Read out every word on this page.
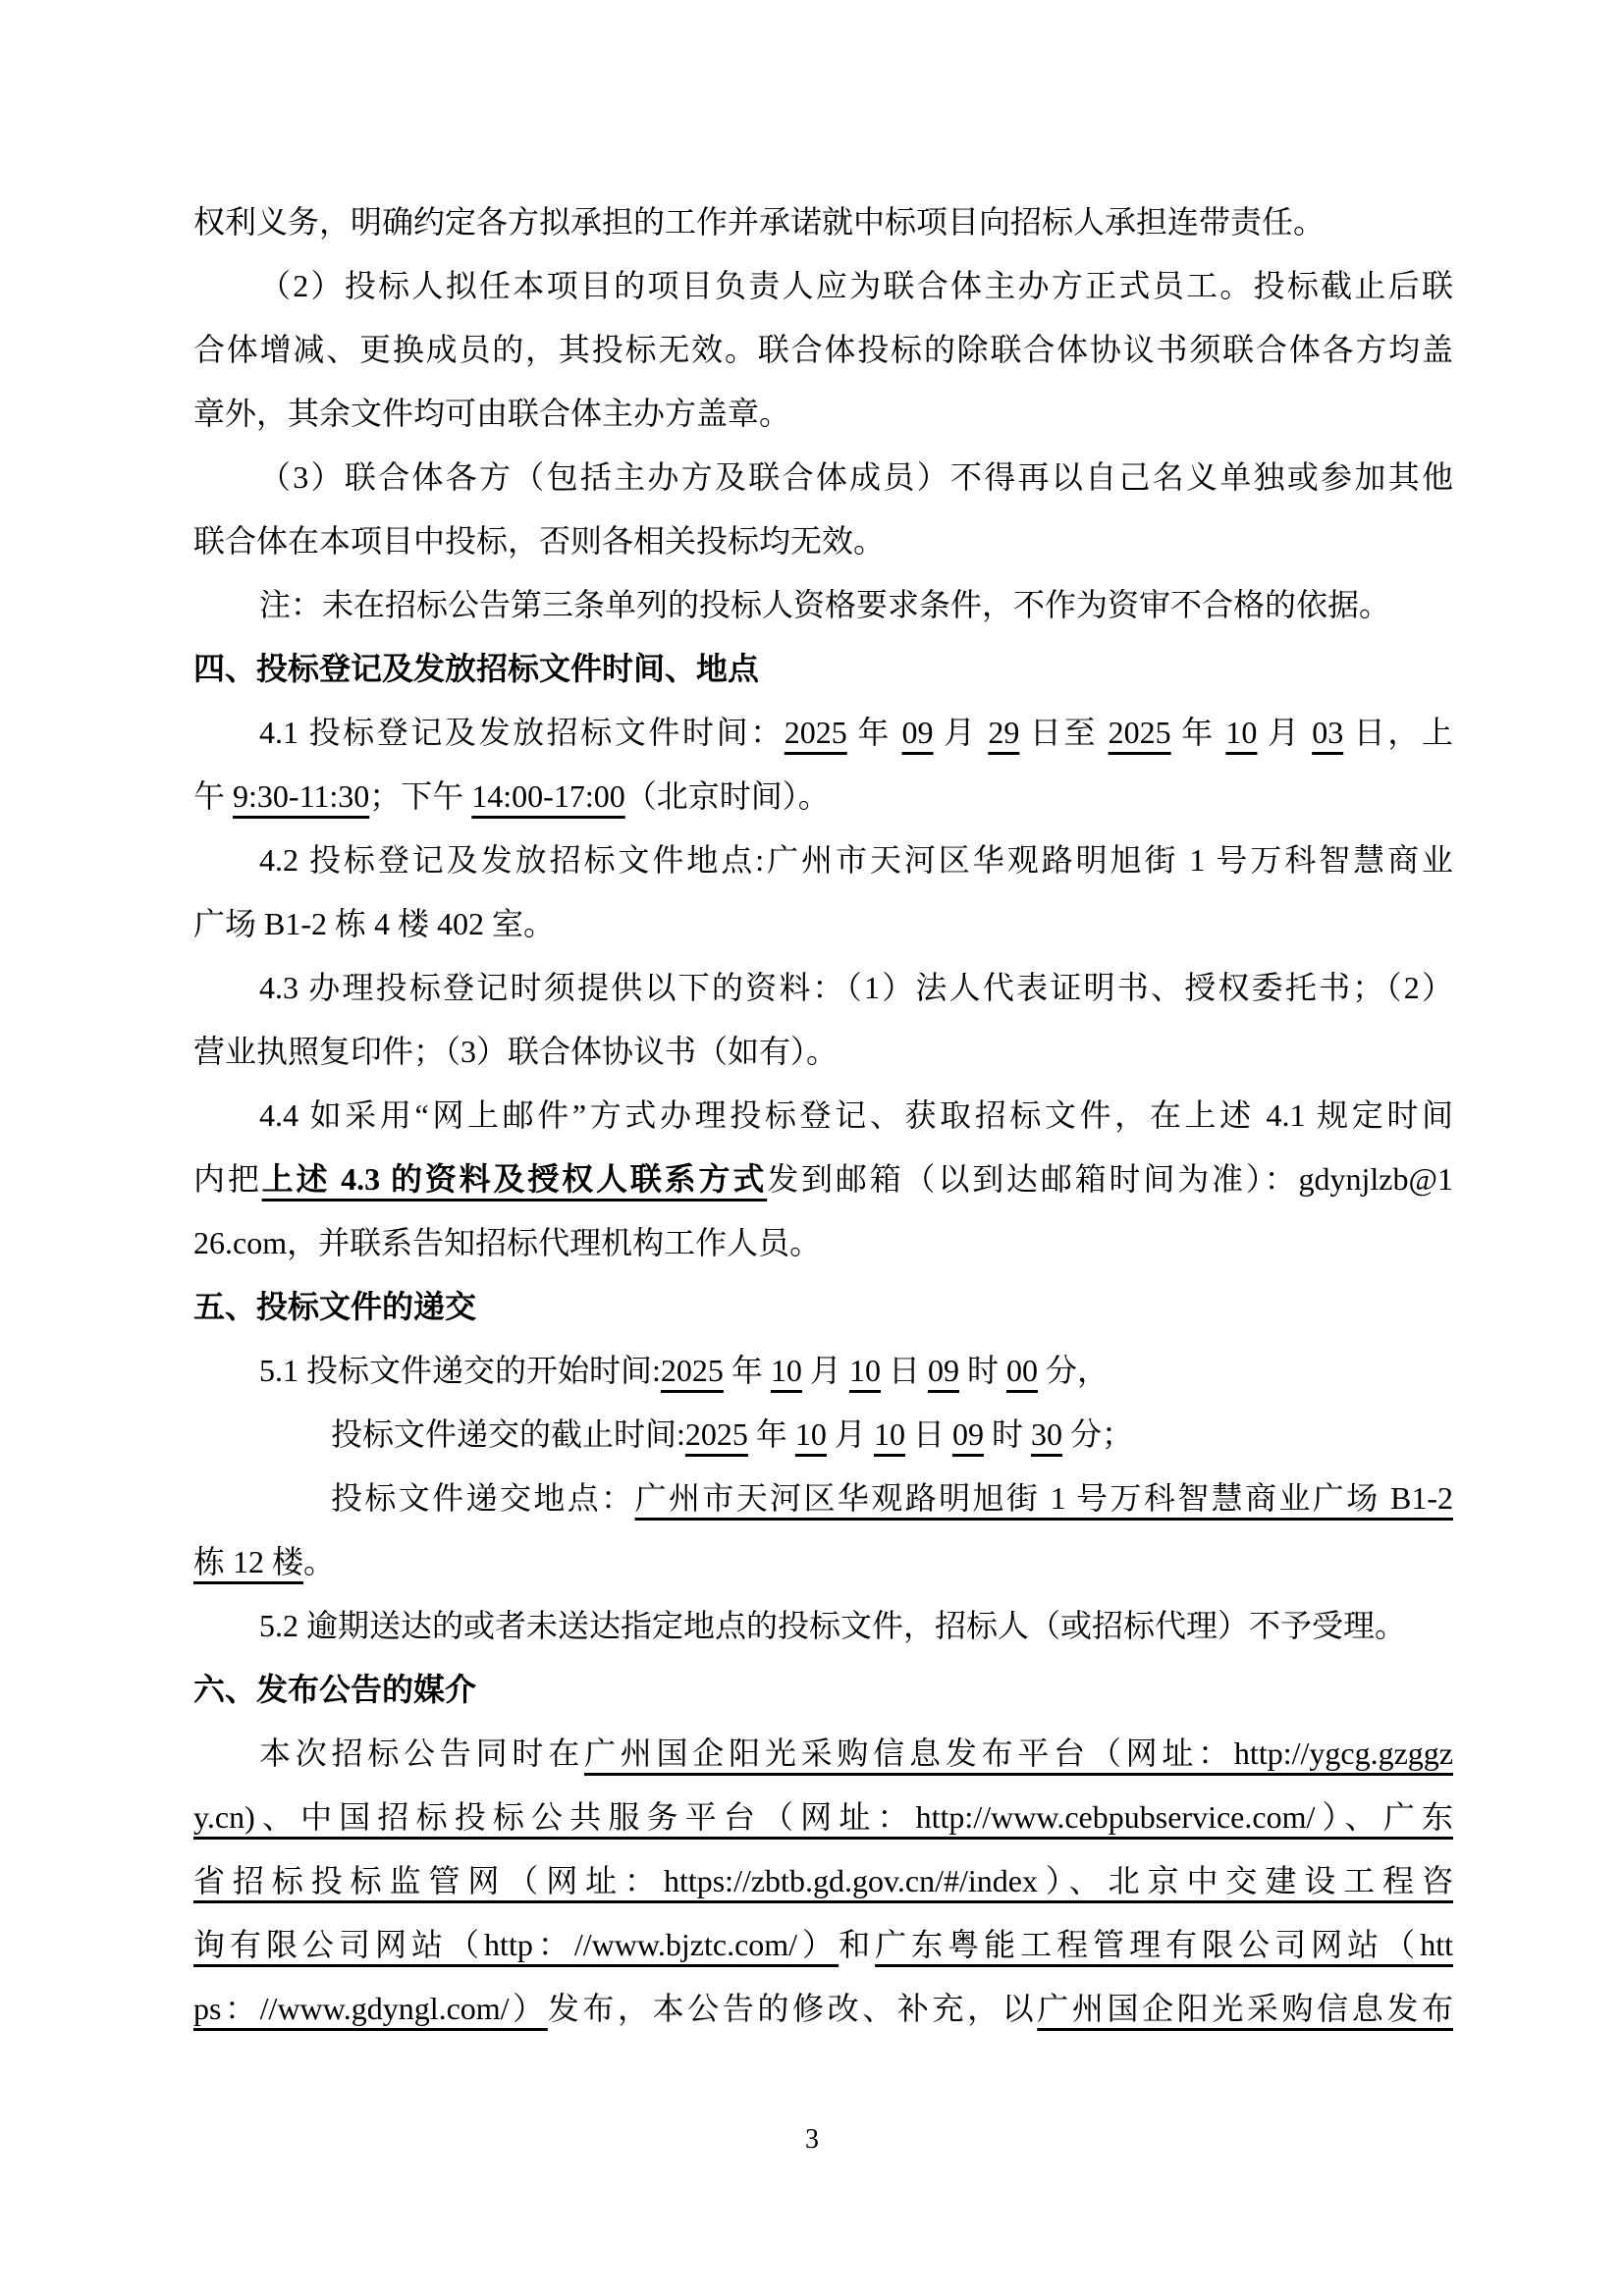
权利义务，明确约定各方拟承担的工作并承诺就中标项目向招标人承担连带责任。
（2）投标人拟任本项目的项目负责人应为联合体主办方正式员工。投标截止后联
合体增减、更换成员的，其投标无效。联合体投标的除联合体协议书须联合体各方均盖
章外，其余文件均可由联合体主办方盖章。
（3）联合体各方（包括主办方及联合体成员）不得再以自己名义单独或参加其他
联合体在本项目中投标，否则各相关投标均无效。
注：未在招标公告第三条单列的投标人资格要求条件，不作为资审不合格的依据。
四、投标登记及发放招标文件时间、地点
4.1 投标登记及发放招标文件时间：2025 年 09 月 29 日至 2025 年 10 月 03 日，上
午 9:30-11:30；下午 14:00-17:00（北京时间）。
4.2 投标登记及发放招标文件地点:广州市天河区华观路明旭街 1 号万科智慧商业
广场 B1-2 栋 4 楼 402 室。
4.3 办理投标登记时须提供以下的资料：（1）法人代表证明书、授权委托书；（2）
营业执照复印件；（3）联合体协议书（如有）。
4.4 如采用“网上邮件”方式办理投标登记、获取招标文件，在上述 4.1 规定时间
内把上述 4.3 的资料及授权人联系方式发到邮箱（以到达邮箱时间为准）：gdynjlzb@1
26.com，并联系告知招标代理机构工作人员。
五、投标文件的递交
5.1 投标文件递交的开始时间:2025 年 10 月 10 日 09 时 00 分，
投标文件递交的截止时间:2025 年 10 月 10 日 09 时 30 分；
投标文件递交地点：广州市天河区华观路明旭街 1 号万科智慧商业广场 B1-2
栋 12 楼。
5.2 逾期送达的或者未送达指定地点的投标文件，招标人（或招标代理）不予受理。
六、发布公告的媒介
本次招标公告同时在广州国企阳光采购信息发布平台（网址：http://ygcg.gzggz
y.cn)、中国招标投标公共服务平台（网址：http://www.cebpubservice.com/）、广东
省招标投标监管网（网址：https://zbtb.gd.gov.cn/#/index）、北京中交建设工程咨
询有限公司网站（http：//www.bjztc.com/）和广东粤能工程管理有限公司网站（htt
ps：//www.gdyngl.com/）发布，本公告的修改、补充，以广州国企阳光采购信息发布
3
